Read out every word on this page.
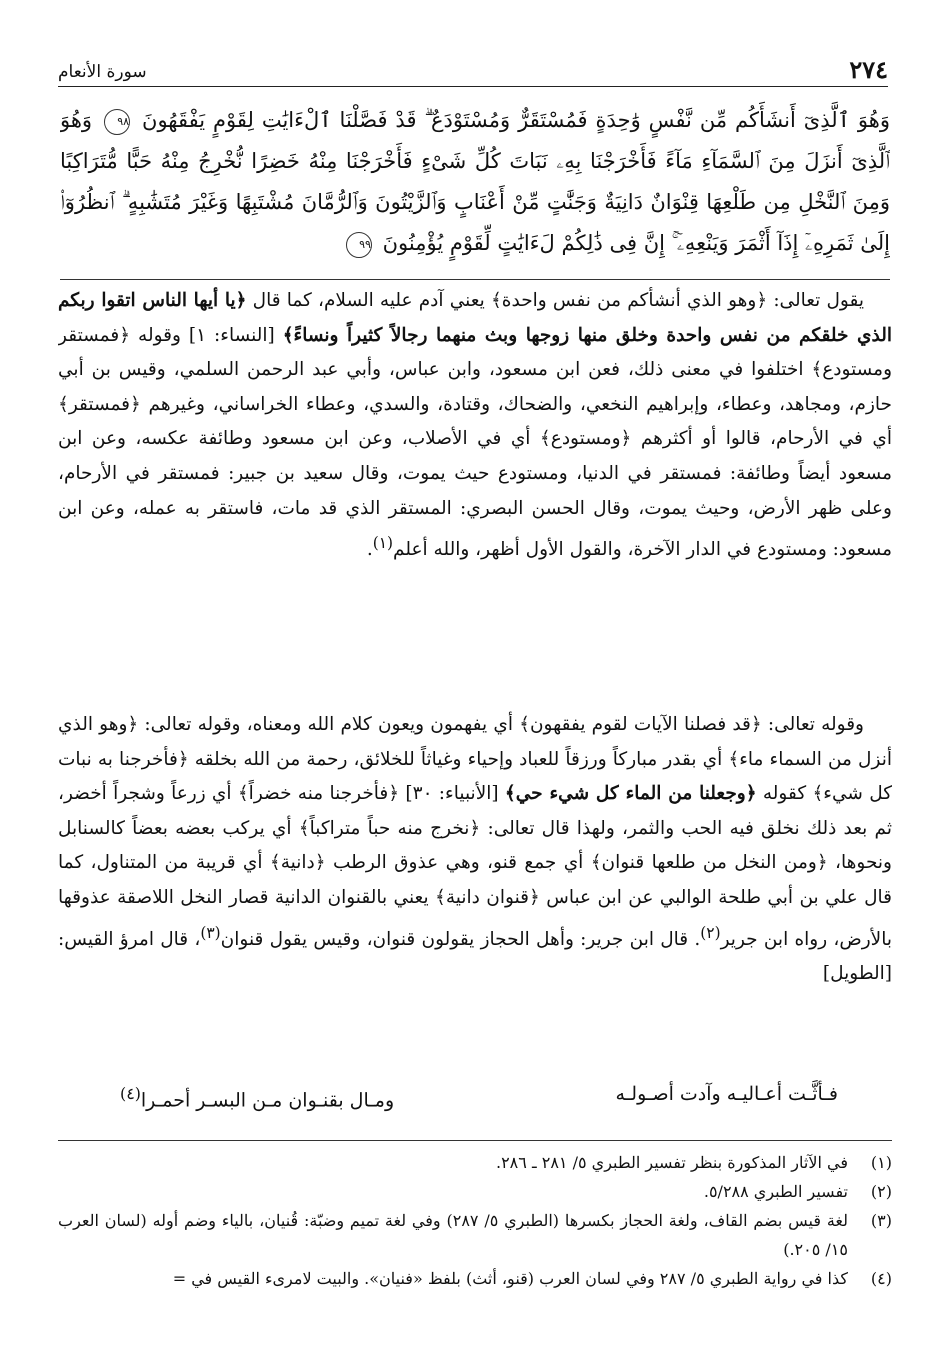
٢٧٤
سورة الأنعام
وَهُوَ ٱلَّذِىٓ أَنشَأَكُم مِّن نَّفْسٍ وَٰحِدَةٍ فَمُسْتَقَرٌّ وَمُسْتَوْدَعٌ ۗ قَدْ فَصَّلْنَا ٱلْءَايَٰتِ لِقَوْمٍ يَفْقَهُونَ ٩٨ وَهُوَ ٱلَّذِىٓ أَنزَلَ مِنَ ٱلسَّمَآءِ مَآءً فَأَخْرَجْنَا بِهِۦ نَبَاتَ كُلِّ شَىْءٍ فَأَخْرَجْنَا مِنْهُ خَضِرًا نُّخْرِجُ مِنْهُ حَبًّا مُّتَرَاكِبًا وَمِنَ ٱلنَّخْلِ مِن طَلْعِهَا قِنْوَانٌ دَانِيَةٌ وَجَنَّٰتٍ مِّنْ أَعْنَابٍ وَٱلزَّيْتُونَ وَٱلرُّمَّانَ مُشْتَبِهًا وَغَيْرَ مُتَشَٰبِهٍ ۗ ٱنظُرُوٓا۟ إِلَىٰ ثَمَرِهِۦٓ إِذَآ أَثْمَرَ وَيَنْعِهِۦٓ ۚ إِنَّ فِى ذَٰلِكُمْ لَءَايَٰتٍ لِّقَوْمٍ يُؤْمِنُونَ ٩٩
يقول تعالى: ﴿وهو الذي أنشأكم من نفس واحدة﴾ يعني آدم عليه السلام، كما قال ﴿يا أيها الناس اتقوا ربكم الذي خلقكم من نفس واحدة وخلق منها زوجها وبث منهما رجالاً كثيراً ونساءً﴾ [النساء: ١] وقوله ﴿فمستقر ومستودع﴾ اختلفوا في معنى ذلك، فعن ابن مسعود، وابن عباس، وأبي عبد الرحمن السلمي، وقيس بن أبي حازم، ومجاهد، وعطاء، وإبراهيم النخعي، والضحاك، وقتادة، والسدي، وعطاء الخراساني، وغيرهم ﴿فمستقر﴾ أي في الأرحام، قالوا أو أكثرهم ﴿ومستودع﴾ أي في الأصلاب، وعن ابن مسعود وطائفة عكسه، وعن ابن مسعود أيضاً وطائفة: فمستقر في الدنيا، ومستودع حيث يموت، وقال سعيد بن جبير: فمستقر في الأرحام، وعلى ظهر الأرض، وحيث يموت، وقال الحسن البصري: المستقر الذي قد مات، فاستقر به عمله، وعن ابن مسعود: ومستودع في الدار الآخرة، والقول الأول أظهر، والله أعلم$^{(١)}$.
وقوله تعالى: ﴿قد فصلنا الآيات لقوم يفقهون﴾ أي يفهمون ويعون كلام الله ومعناه، وقوله تعالى: ﴿وهو الذي أنزل من السماء ماء﴾ أي بقدر مباركاً ورزقاً للعباد وإحياء وغياثاً للخلائق، رحمة من الله بخلقه ﴿فأخرجنا به نبات كل شيء﴾ كقوله ﴿وجعلنا من الماء كل شيء حي﴾ [الأنبياء: ٣٠] ﴿فأخرجنا منه خضراً﴾ أي زرعاً وشجراً أخضر، ثم بعد ذلك نخلق فيه الحب والثمر، ولهذا قال تعالى: ﴿نخرج منه حباً متراكباً﴾ أي يركب بعضه بعضاً كالسنابل ونحوها، ﴿ومن النخل من طلعها قنوان﴾ أي جمع قنو، وهي عذوق الرطب ﴿دانية﴾ أي قريبة من المتناول، كما قال علي بن أبي طلحة الوالبي عن ابن عباس ﴿قنوان دانية﴾ يعني بالقنوان الدانية قصار النخل اللاصقة عذوقها بالأرض، رواه ابن جرير$^{(٢)}$. قال ابن جرير: وأهل الحجاز يقولون قنوان، وقيس يقول قنوان$^{(٣)}$، قال امرؤ القيس: [الطويل]
فـأثَّـت أعـاليـه وآدت أصـولـه
ومـال بقنـوان مـن البسـر أحمـرا$^{(٤)}$
(١)
في الآثار المذكورة بنظر تفسير الطبري ٥/ ٢٨١ ـ ٢٨٦.
(٢)
تفسير الطبري ٥/٢٨٨.
(٣)
لغة قيس بضم القاف، ولغة الحجاز بكسرها (الطبري ٥/ ٢٨٧) وفي لغة تميم وضبّة: قُنيان، بالياء وضم أوله (لسان العرب ١٥/ ٢٠٥.)
(٤)
كذا في رواية الطبري ٥/ ٢٨٧ وفي لسان العرب (قنو، أثث) بلفظ «فنيان». والبيت لامرىء القيس في =
